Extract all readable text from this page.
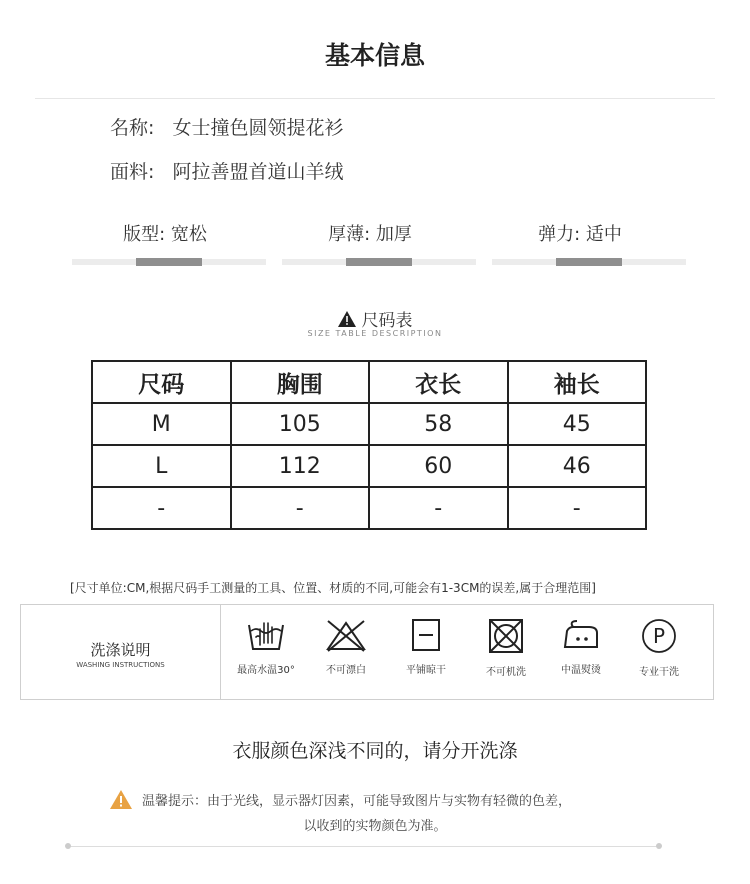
基本信息
名称: 女士撞色圆领提花衫
面料: 阿拉善盟首道山羊绒
版型: 宽松	厚薄: 加厚	弹力: 适中
尺码表
SIZE TABLE DESCRIPTION
尺码	胸围	衣长	袖长
M	105	58	45
L	112	60	46
-	-	-	-
[尺寸单位:CM,根据尺码手工测量的工具、位置、材质的不同,可能会有1-3CM的误差,属于合理范围]
洗涤说明
WASHING INSTRUCTIONS	最高水温30°	不可漂白	平铺晾干	不可机洗	中温熨烫
P
专业干洗
衣服颜色深浅不同的，请分开洗涤
温馨提示：由于光线，显示器灯因素，可能导致图片与实物有轻微的色差，
以收到的实物颜色为准。
